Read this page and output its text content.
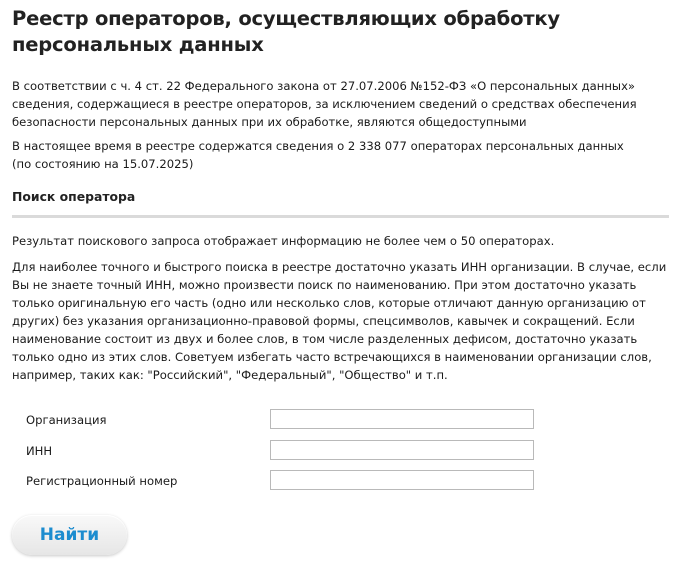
Реестр операторов, осуществляющих обработку персональных данных

В соответствии с ч. 4 ст. 22 Федерального закона от 27.07.2006 №152-ФЗ «О персональных данных» сведения, содержащиеся в реестре операторов, за исключением сведений о средствах обеспечения безопасности персональных данных при их обработке, являются общедоступными

В настоящее время в реестре содержатся сведения о 2 338 077 операторах персональных данных
(по состоянию на 15.07.2025)

Поиск оператора

Результат поискового запроса отображает информацию не более чем о 50 операторах.

Для наиболее точного и быстрого поиска в реестре достаточно указать ИНН организации. В случае, если Вы не знаете точный ИНН, можно произвести поиск по наименованию. При этом достаточно указать только оригинальную его часть (одно или несколько слов, которые отличают данную организацию от других) без указания организационно-правовой формы, спецсимволов, кавычек и сокращений. Если наименование состоит из двух и более слов, в том числе разделенных дефисом, достаточно указать только одно из этих слов. Советуем избегать часто встречающихся в наименовании организации слов, например, таких как: "Российский", "Федеральный", "Общество" и т.п.

Организация
ИНН
Регистрационный номер
Найти
